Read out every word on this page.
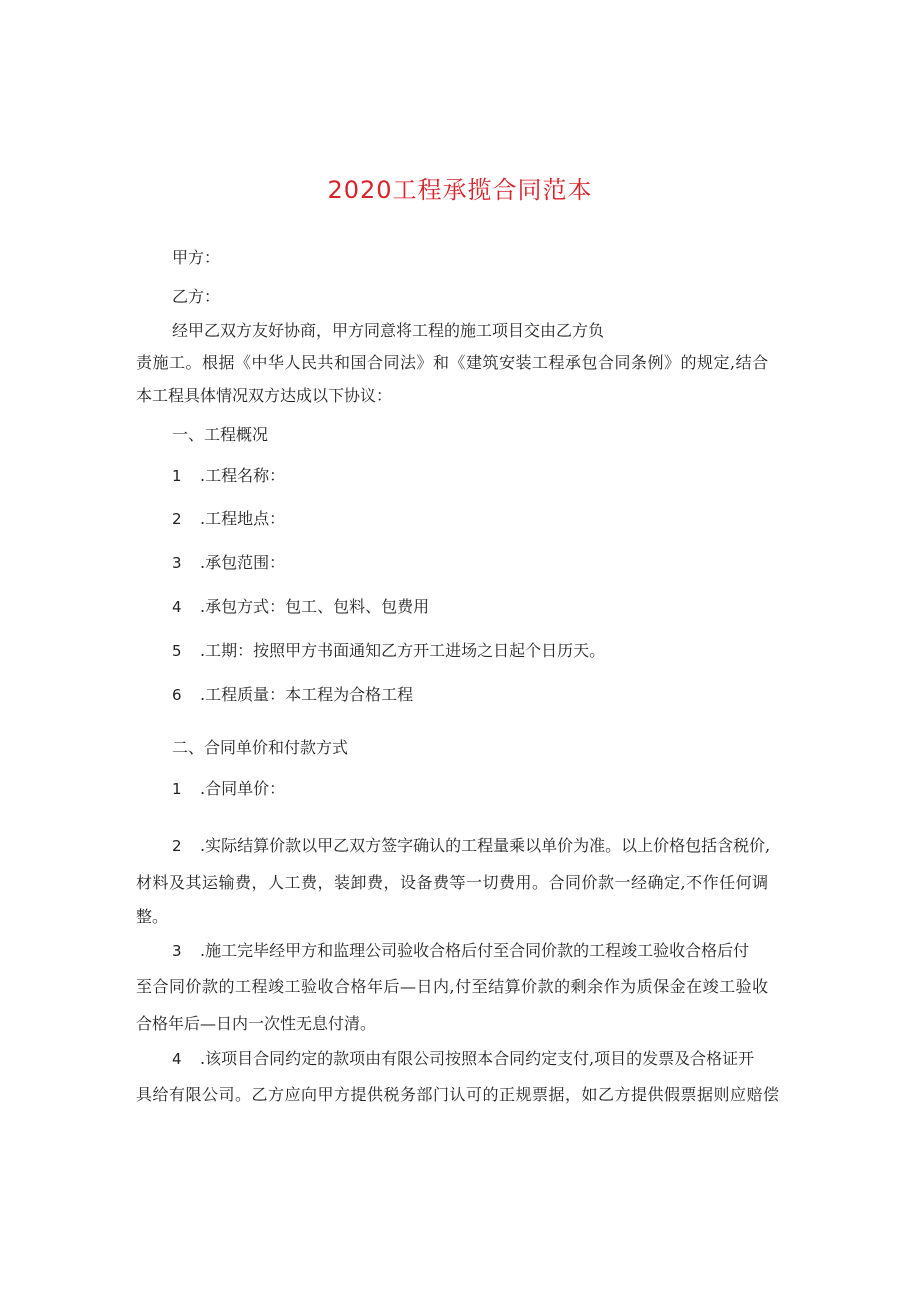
2020工程承揽合同范本
甲方：
乙方：
经甲乙双方友好协商，甲方同意将工程的施工项目交由乙方负
责施工。根据《中华人民共和国合同法》和《建筑安装工程承包合同条例》的规定,结合
本工程具体情况双方达成以下协议：
一、工程概况
1 .工程名称：
2 .工程地点：
3 .承包范围：
4 .承包方式：包工、包料、包费用
5 .工期：按照甲方书面通知乙方开工进场之日起个日历天。
6 .工程质量：本工程为合格工程
二、合同单价和付款方式
1 .合同单价：
2 .实际结算价款以甲乙双方签字确认的工程量乘以单价为准。以上价格包括含税价,
材料及其运输费，人工费，装卸费，设备费等一切费用。合同价款一经确定,不作任何调
整。
3 .施工完毕经甲方和监理公司验收合格后付至合同价款的工程竣工验收合格后付
至合同价款的工程竣工验收合格年后—日内,付至结算价款的剩余作为质保金在竣工验收
合格年后—日内一次性无息付清。
4 .该项目合同约定的款项由有限公司按照本合同约定支付,项目的发票及合格证开
具给有限公司。乙方应向甲方提供税务部门认可的正规票据，如乙方提供假票据则应赔偿
